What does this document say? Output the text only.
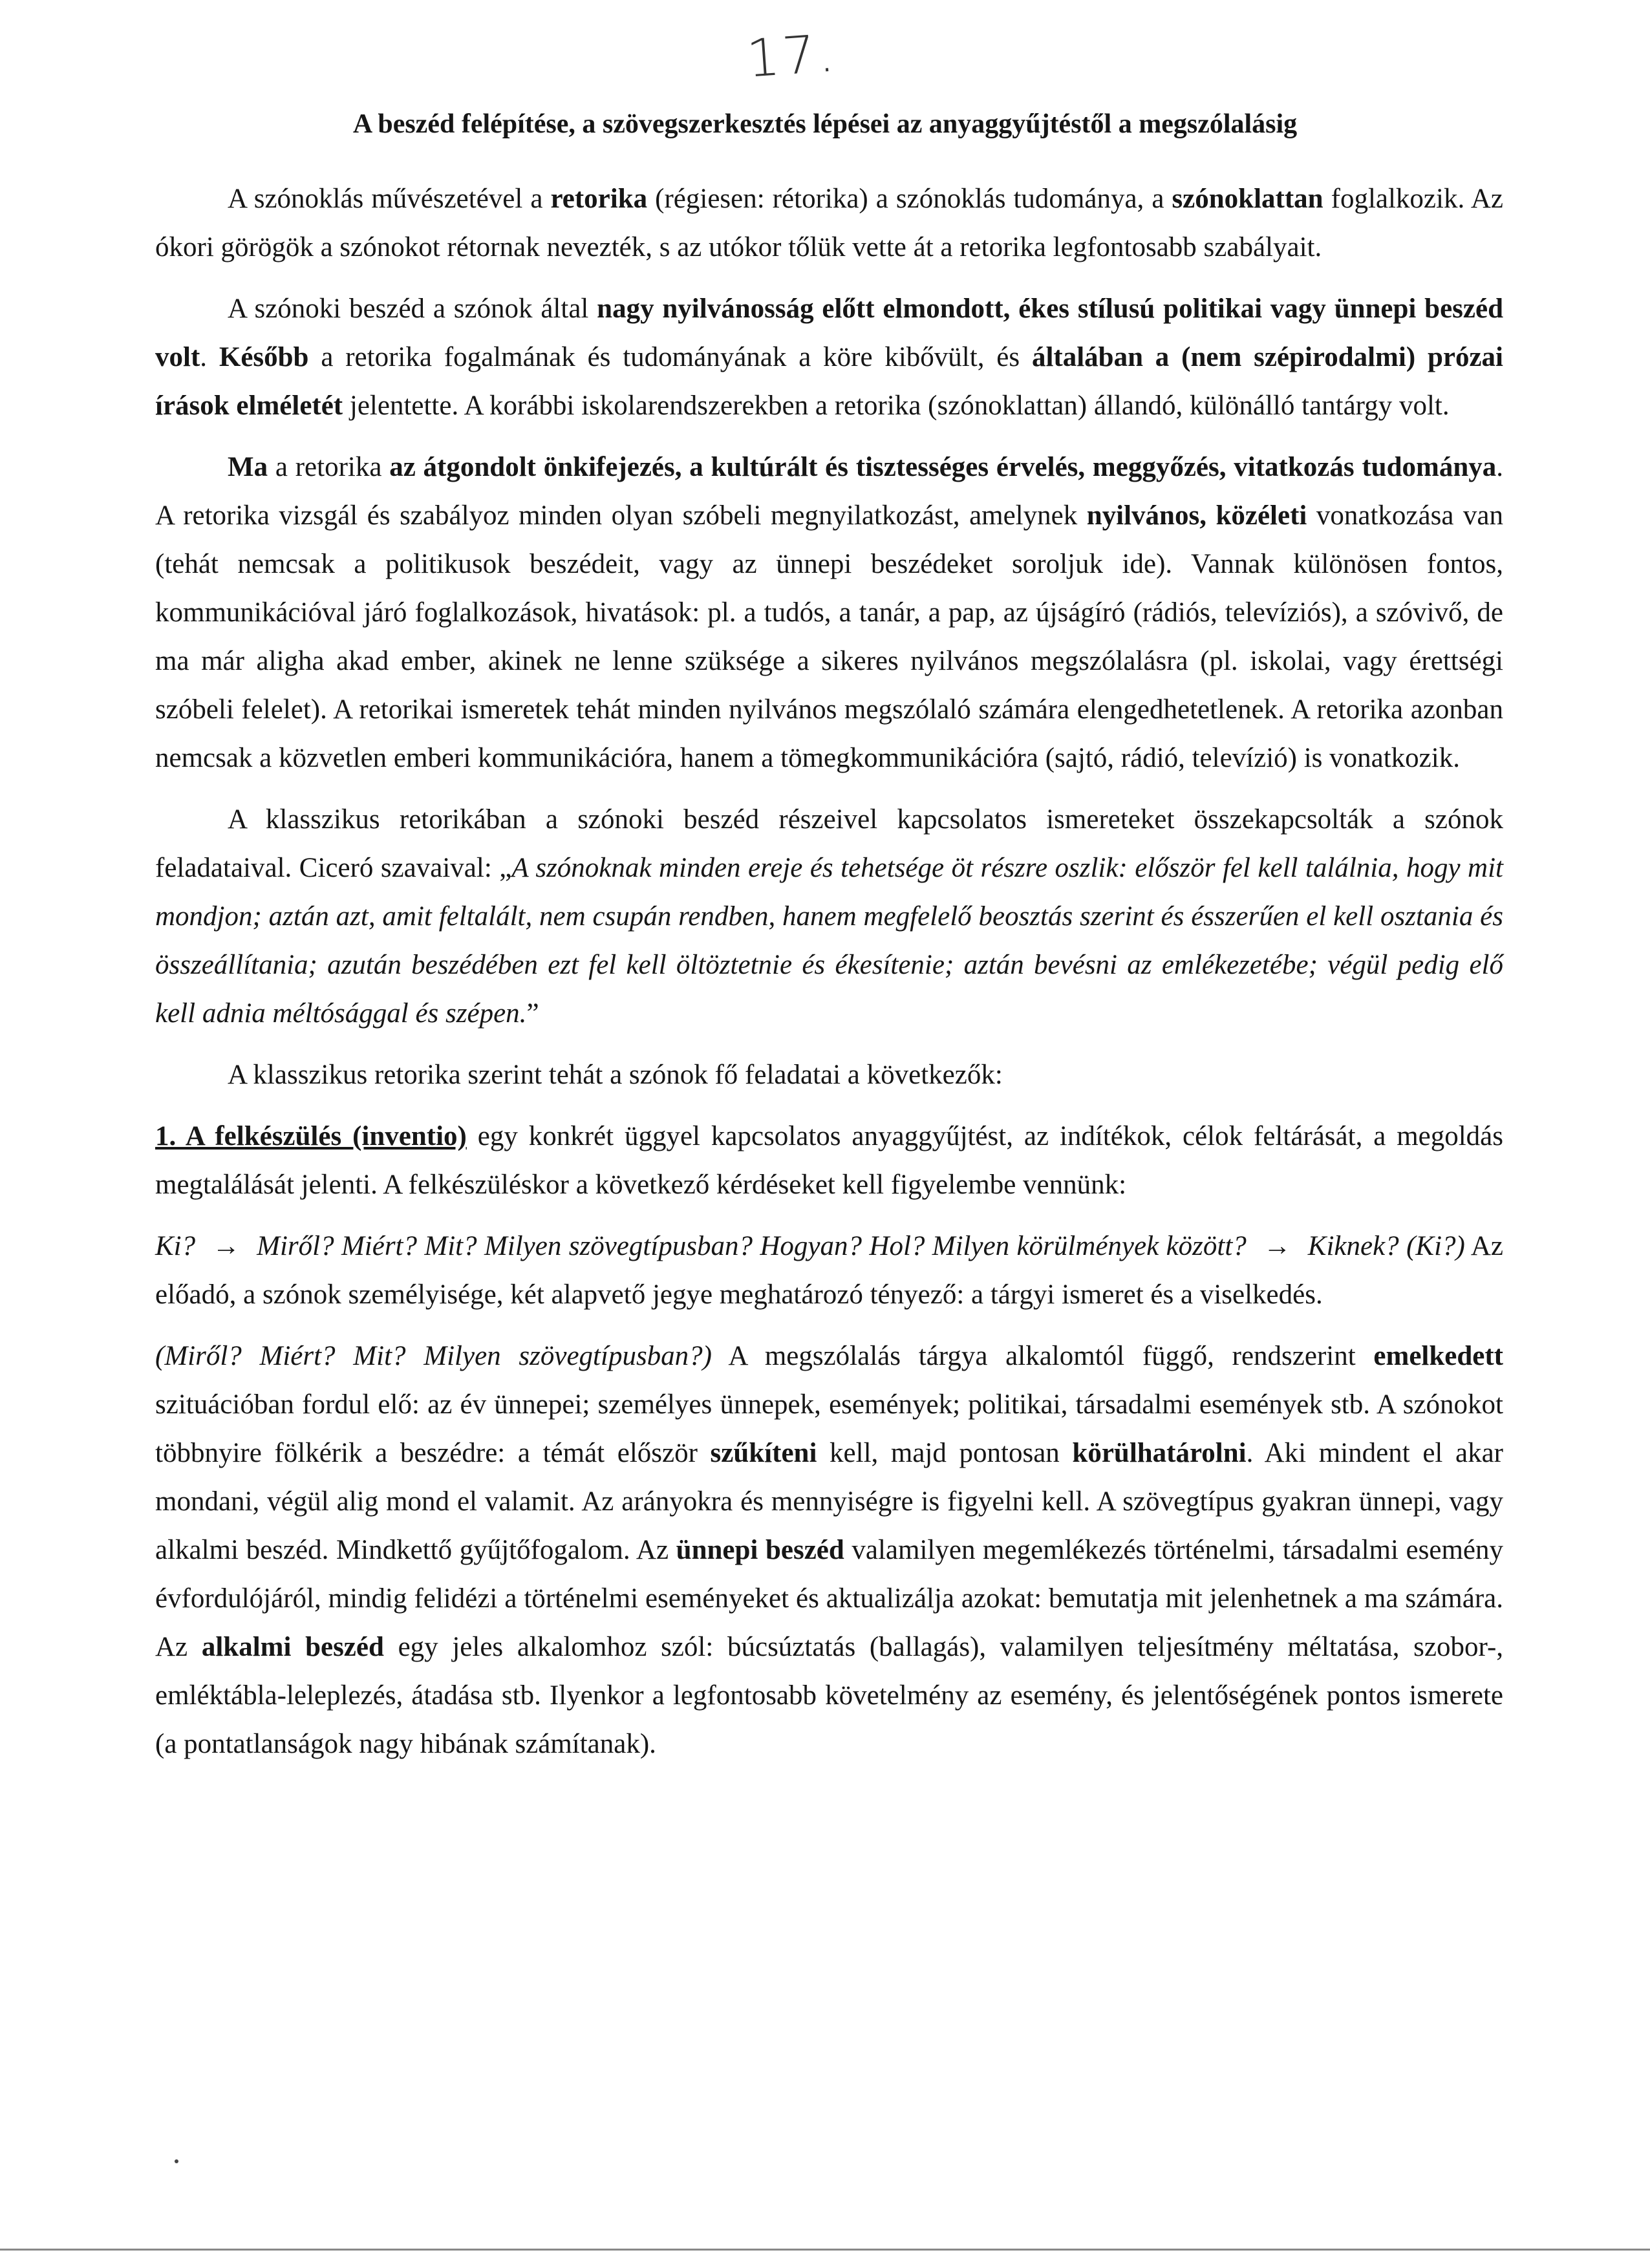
17.
A beszéd felépítése, a szövegszerkesztés lépései az anyaggyűjtéstől a megszólalásig

A szónoklás művészetével a retorika (régiesen: rétorika) a szónoklás tudománya, a szónoklattan foglalkozik. Az ókori görögök a szónokot rétornak nevezték, s az utókor tőlük vette át a retorika legfontosabb szabályait.

A szónoki beszéd a szónok által nagy nyilvánosság előtt elmondott, ékes stílusú politikai vagy ünnepi beszéd volt. Később a retorika fogalmának és tudományának a köre kibővült, és általában a (nem szépirodalmi) prózai írások elméletét jelentette. A korábbi iskolarendszerekben a retorika (szónoklattan) állandó, különálló tantárgy volt.

Ma a retorika az átgondolt önkifejezés, a kultúrált és tisztességes érvelés, meggyőzés, vitatkozás tudománya. A retorika vizsgál és szabályoz minden olyan szóbeli megnyilatkozást, amelynek nyilvános, közéleti vonatkozása van (tehát nemcsak a politikusok beszédeit, vagy az ünnepi beszédeket soroljuk ide). Vannak különösen fontos, kommunikációval járó foglalkozások, hivatások: pl. a tudós, a tanár, a pap, az újságíró (rádiós, televíziós), a szóvivő, de ma már aligha akad ember, akinek ne lenne szüksége a sikeres nyilvános megszólalásra (pl. iskolai, vagy érettségi szóbeli felelet). A retorikai ismeretek tehát minden nyilvános megszólaló számára elengedhetetlenek. A retorika azonban nemcsak a közvetlen emberi kommunikációra, hanem a tömegkommunikációra (sajtó, rádió, televízió) is vonatkozik.

A klasszikus retorikában a szónoki beszéd részeivel kapcsolatos ismereteket összekapcsolták a szónok feladataival. Ciceró szavaival: „A szónoknak minden ereje és tehetsége öt részre oszlik: először fel kell találnia, hogy mit mondjon; aztán azt, amit feltalált, nem csupán rendben, hanem megfelelő beosztás szerint és ésszerűen el kell osztania és összeállítania; azután beszédében ezt fel kell öltöztetnie és ékesítenie; aztán bevésni az emlékezetébe; végül pedig elő kell adnia méltósággal és szépen.”

A klasszikus retorika szerint tehát a szónok fő feladatai a következők:

1. A felkészülés (inventio) egy konkrét üggyel kapcsolatos anyaggyűjtést, az indítékok, célok feltárását, a megoldás megtalálását jelenti. A felkészüléskor a következő kérdéseket kell figyelembe vennünk:

Ki? → Miről? Miért? Mit? Milyen szövegtípusban? Hogyan? Hol? Milyen körülmények között? → Kiknek? (Ki?) Az előadó, a szónok személyisége, két alapvető jegye meghatározó tényező: a tárgyi ismeret és a viselkedés.

(Miről? Miért? Mit? Milyen szövegtípusban?) A megszólalás tárgya alkalomtól függő, rendszerint emelkedett szituációban fordul elő: az év ünnepei; személyes ünnepek, események; politikai, társadalmi események stb. A szónokot többnyire fölkérik a beszédre: a témát először szűkíteni kell, majd pontosan körülhatárolni. Aki mindent el akar mondani, végül alig mond el valamit. Az arányokra és mennyiségre is figyelni kell. A szövegtípus gyakran ünnepi, vagy alkalmi beszéd. Mindkettő gyűjtőfogalom. Az ünnepi beszéd valamilyen megemlékezés történelmi, társadalmi esemény évfordulójáról, mindig felidézi a történelmi eseményeket és aktualizálja azokat: bemutatja mit jelenhetnek a ma számára. Az alkalmi beszéd egy jeles alkalomhoz szól: búcsúztatás (ballagás), valamilyen teljesítmény méltatása, szobor-, emléktábla-leleplezés, átadása stb. Ilyenkor a legfontosabb követelmény az esemény, és jelentőségének pontos ismerete (a pontatlanságok nagy hibának számítanak).
